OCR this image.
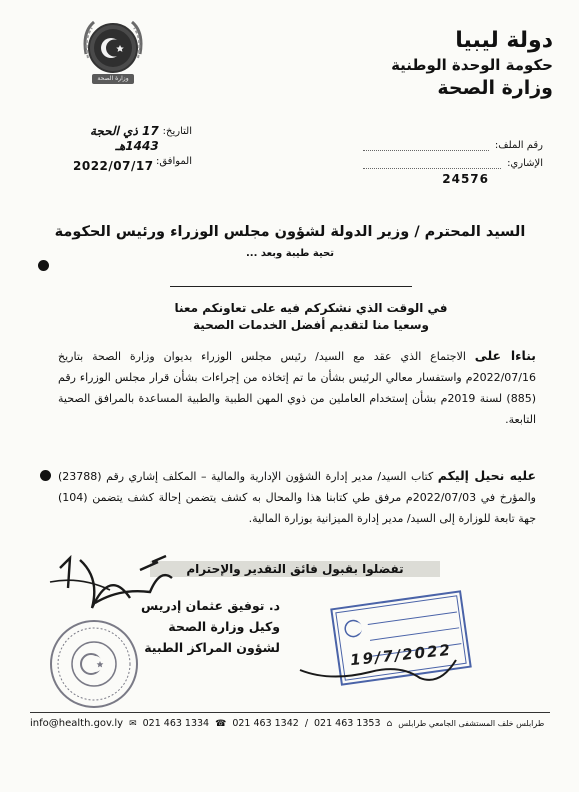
دولة ليبيا
حكومة الوحدة الوطنية
وزارة الصحة
وزارة الصحة
التاريخ:
17 ذي الحجة 1443هـ
الموافق:
2022/07/17
رقم الملف:
الإشاري:
24576
السيد المحترم / وزير الدولة لشؤون مجلس الوزراء ورئيس الحكومة
تحية طيبة وبعد ...
في الوقت الذي نشكركم فيه على تعاونكم معنا
وسعيا منا لتقديم أفضل الخدمات الصحية
بناءا على الاجتماع الذي عقد مع السيد/ رئيس مجلس الوزراء بديوان وزارة الصحة بتاريخ 2022/07/16م واستفسار معالي الرئيس بشأن ما تم إتخاذه من إجراءات بشأن قرار مجلس الوزراء رقم (885) لسنة 2019م بشأن إستخدام العاملين من ذوي المهن الطبية والطبية المساعدة بالمرافق الصحية التابعة.
عليه نحيل إليكم كتاب السيد/ مدير إدارة الشؤون الإدارية والمالية – المكلف إشاري رقم (23788) والمؤرخ في 2022/07/03م مرفق طي كتابنا هذا والمحال به كشف يتضمن إحالة كشف يتضمن (104) جهة تابعة للوزارة إلى السيد/ مدير إدارة الميزانية بوزارة المالية.
تفضلوا بقبول فائق التقدير والإحترام
د. توفيق عثمان إدريس
وكيل وزارة الصحة
لشؤون المراكز الطبية	19/7/2022
info@health.gov.ly ✉ 021 463 1334 ☎ 021 463 1342 / 021 463 1353 ⌂ طرابلس خلف المستشفى الجامعي طرابلس
